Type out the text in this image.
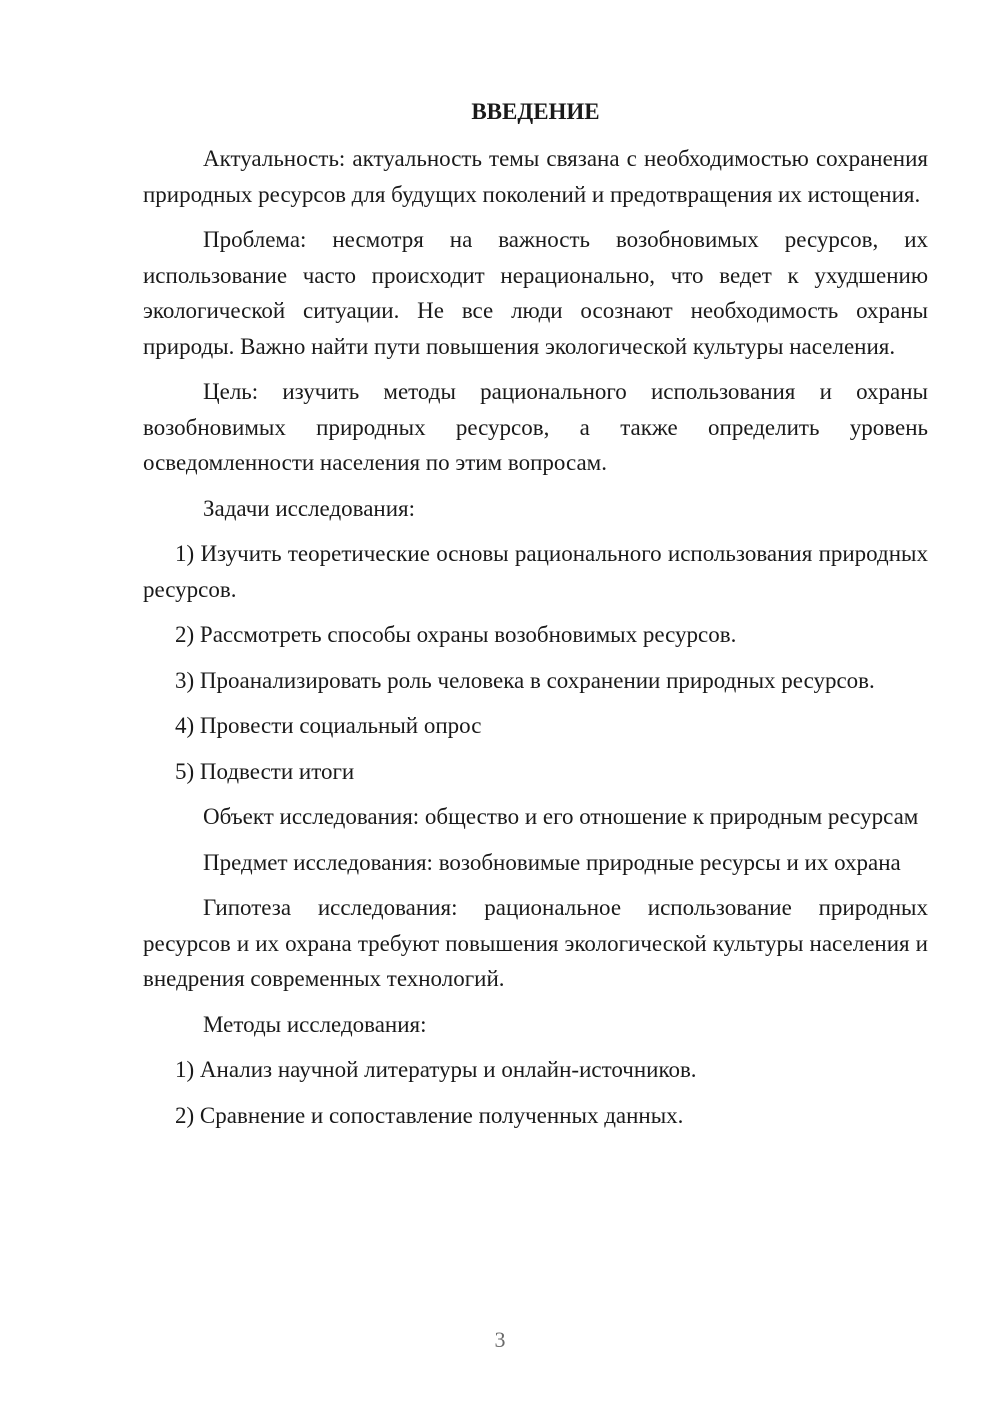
ВВЕДЕНИЕ

Актуальность: актуальность темы связана с необходимостью сохранения природных ресурсов для будущих поколений и предотвращения их истощения.

Проблема: несмотря на важность возобновимых ресурсов, их использование часто происходит нерационально, что ведет к ухудшению экологической ситуации. Не все люди осознают необходимость охраны природы. Важно найти пути повышения экологической культуры населения.

Цель: изучить методы рационального использования и охраны возобновимых природных ресурсов, а также определить уровень осведомленности населения по этим вопросам.

Задачи исследования:

1) Изучить теоретические основы рационального использования природных ресурсов.

2) Рассмотреть способы охраны возобновимых ресурсов.

3) Проанализировать роль человека в сохранении природных ресурсов.

4) Провести социальный опрос

5) Подвести итоги

Объект исследования: общество и его отношение к природным ресурсам

Предмет исследования: возобновимые природные ресурсы и их охрана

Гипотеза исследования: рациональное использование природных ресурсов и их охрана требуют повышения экологической культуры населения и внедрения современных технологий.

Методы исследования:

1) Анализ научной литературы и онлайн-источников.

2) Сравнение и сопоставление полученных данных.

3
